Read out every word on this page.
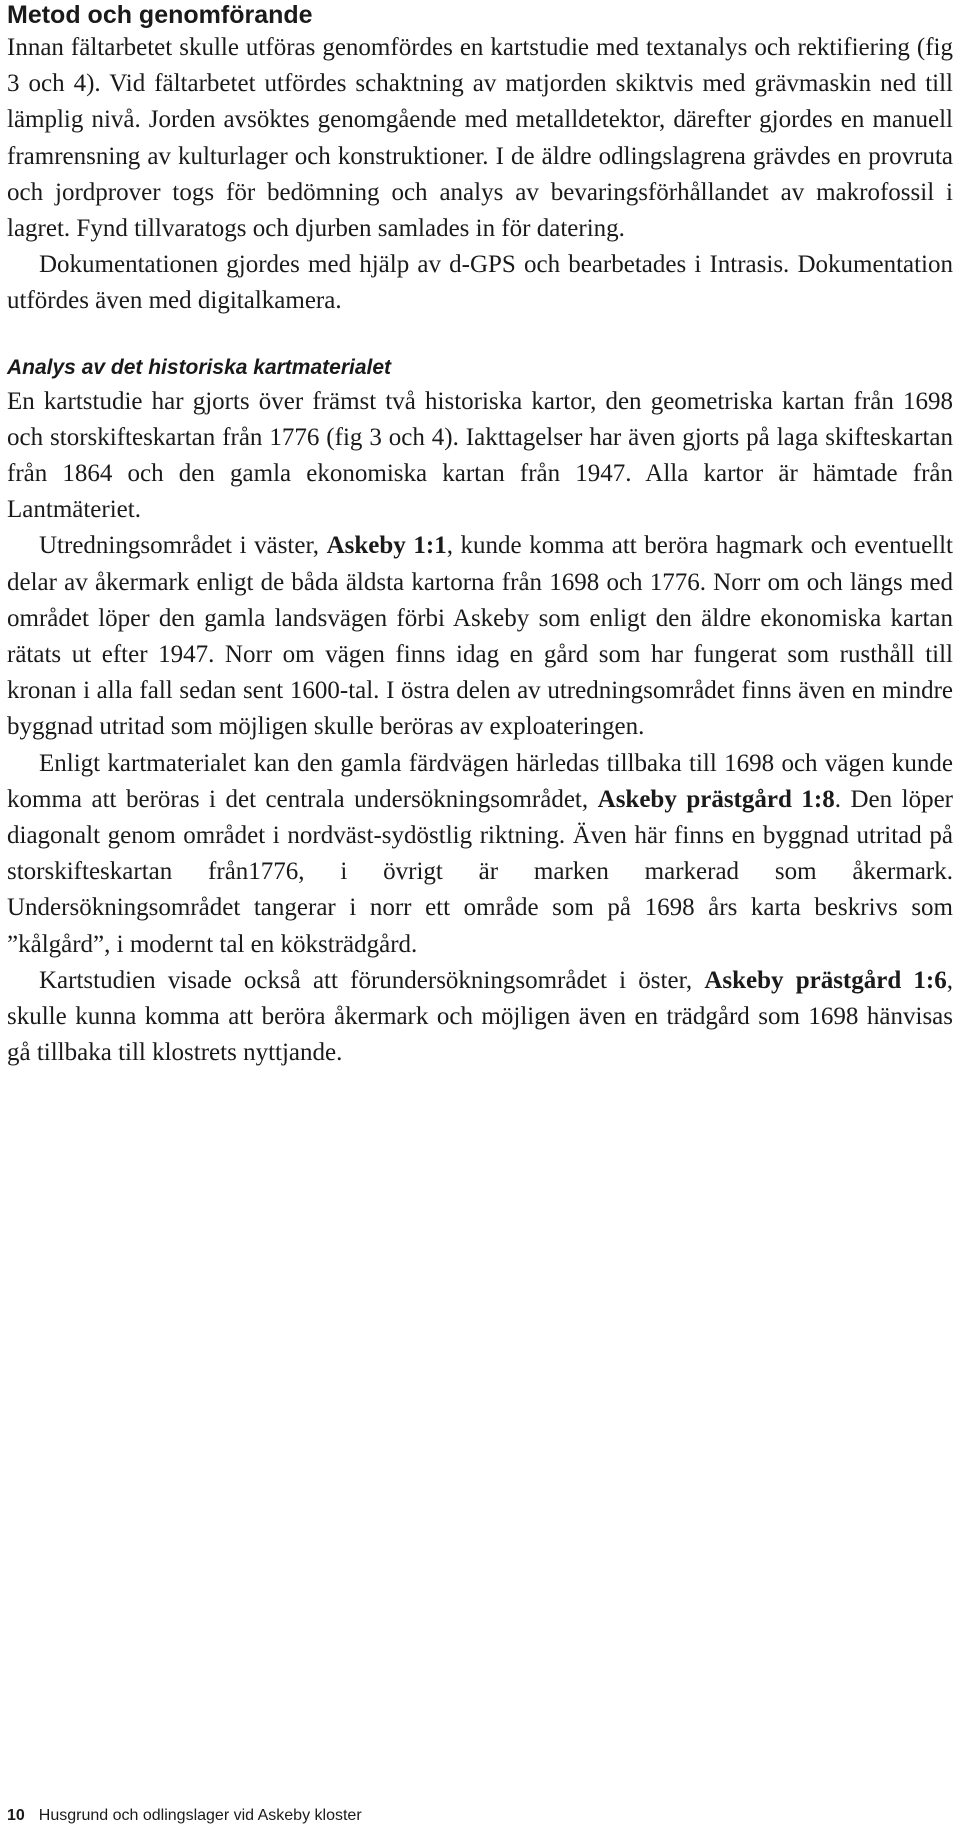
Metod och genomförande

Innan fältarbetet skulle utföras genomfördes en kartstudie med textanalys och rektifiering (fig 3 och 4). Vid fältarbetet utfördes schaktning av matjorden skiktvis med grävmaskin ned till lämplig nivå. Jorden avsöktes genomgående med metalldetektor, därefter gjordes en manuell framrensning av kulturlager och konstruktioner. I de äldre odlingslagrena grävdes en provruta och jordprover togs för bedömning och analys av bevaringsförhållandet av makrofossil i lagret. Fynd tillvaratogs och djurben samlades in för datering.

Dokumentationen gjordes med hjälp av d-GPS och bearbetades i Intrasis. Dokumentation utfördes även med digitalkamera.

Analys av det historiska kartmaterialet

En kartstudie har gjorts över främst två historiska kartor, den geometriska kartan från 1698 och storskifteskartan från 1776 (fig 3 och 4). Iakttagelser har även gjorts på laga skifteskartan från 1864 och den gamla ekonomiska kartan från 1947. Alla kartor är hämtade från Lantmäteriet.

Utredningsområdet i väster, Askeby 1:1, kunde komma att beröra hagmark och eventuellt delar av åkermark enligt de båda äldsta kartorna från 1698 och 1776. Norr om och längs med området löper den gamla landsvägen förbi Askeby som enligt den äldre ekonomiska kartan rätats ut efter 1947. Norr om vägen finns idag en gård som har fungerat som rusthåll till kronan i alla fall sedan sent 1600-tal. I östra delen av utredningsområdet finns även en mindre byggnad utritad som möjligen skulle beröras av exploateringen.

Enligt kartmaterialet kan den gamla färdvägen härledas tillbaka till 1698 och vägen kunde komma att beröras i det centrala undersökningsområdet, Askeby prästgård 1:8. Den löper diagonalt genom området i nordväst-sydöstlig riktning. Även här finns en byggnad utritad på storskifteskartan från1776, i övrigt är marken markerad som åkermark. Undersökningsområdet tangerar i norr ett område som på 1698 års karta beskrivs som ”kålgård”, i modernt tal en köksträdgård.

Kartstudien visade också att förundersökningsområdet i öster, Askeby prästgård 1:6, skulle kunna komma att beröra åkermark och möjligen även en trädgård som 1698 hänvisas gå tillbaka till klostrets nyttjande.

10 Husgrund och odlingslager vid Askeby kloster
